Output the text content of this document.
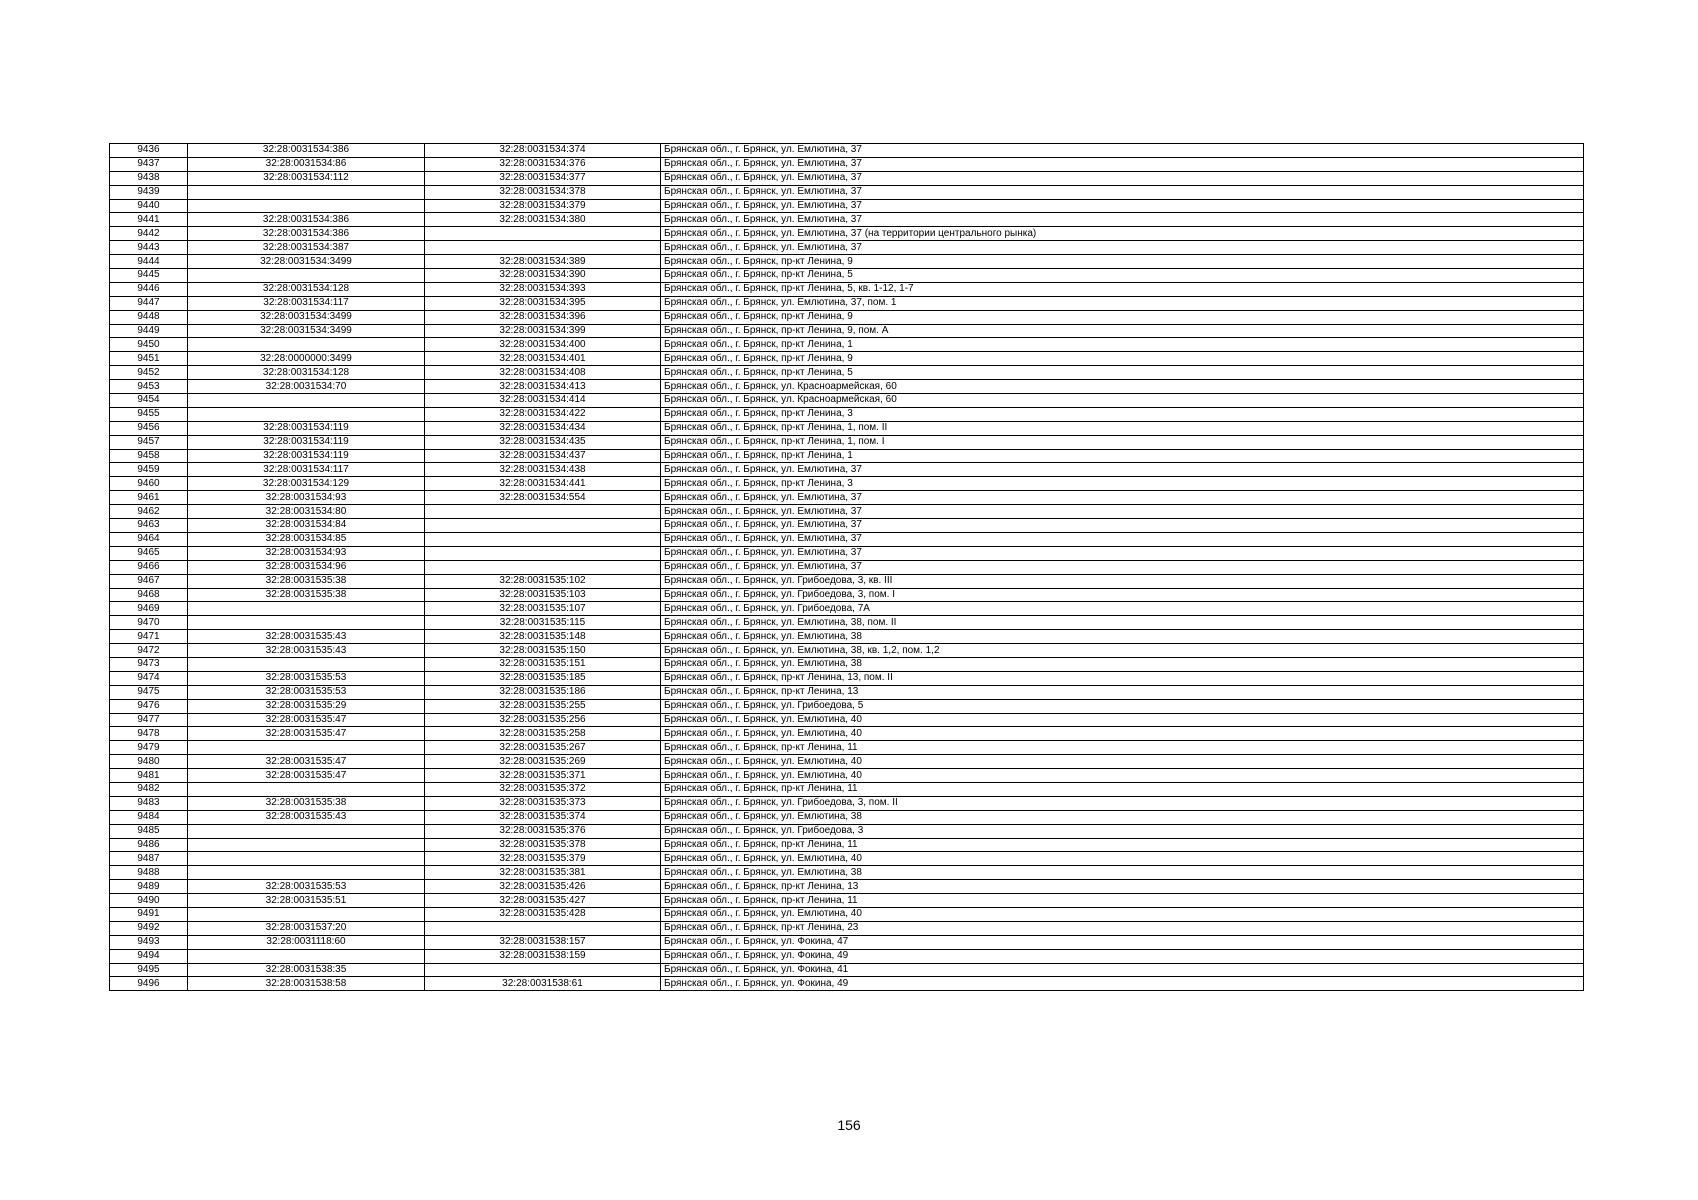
9436	32:28:0031534:386	32:28:0031534:374	Брянская обл., г. Брянск, ул. Емлютина, 37
9437	32:28:0031534:86	32:28:0031534:376	Брянская обл., г. Брянск, ул. Емлютина, 37
9438	32:28:0031534:112	32:28:0031534:377	Брянская обл., г. Брянск, ул. Емлютина, 37
9439		32:28:0031534:378	Брянская обл., г. Брянск, ул. Емлютина, 37
9440		32:28:0031534:379	Брянская обл., г. Брянск, ул. Емлютина, 37
9441	32:28:0031534:386	32:28:0031534:380	Брянская обл., г. Брянск, ул. Емлютина, 37
9442	32:28:0031534:386		Брянская обл., г. Брянск, ул. Емлютина, 37 (на территории центрального рынка)
9443	32:28:0031534:387		Брянская обл., г. Брянск, ул. Емлютина, 37
9444	32:28:0031534:3499	32:28:0031534:389	Брянская обл., г. Брянск, пр-кт Ленина, 9
9445		32:28:0031534:390	Брянская обл., г. Брянск, пр-кт Ленина, 5
9446	32:28:0031534:128	32:28:0031534:393	Брянская обл., г. Брянск, пр-кт Ленина, 5, кв. 1-12, 1-7
9447	32:28:0031534:117	32:28:0031534:395	Брянская обл., г. Брянск, ул. Емлютина, 37, пом. 1
9448	32:28:0031534:3499	32:28:0031534:396	Брянская обл., г. Брянск, пр-кт Ленина, 9
9449	32:28:0031534:3499	32:28:0031534:399	Брянская обл., г. Брянск, пр-кт Ленина, 9, пом. А
9450		32:28:0031534:400	Брянская обл., г. Брянск, пр-кт Ленина, 1
9451	32:28:0000000:3499	32:28:0031534:401	Брянская обл., г. Брянск, пр-кт Ленина, 9
9452	32:28:0031534:128	32:28:0031534:408	Брянская обл., г. Брянск, пр-кт Ленина, 5
9453	32:28:0031534:70	32:28:0031534:413	Брянская обл., г. Брянск, ул. Красноармейская, 60
9454		32:28:0031534:414	Брянская обл., г. Брянск, ул. Красноармейская, 60
9455		32:28:0031534:422	Брянская обл., г. Брянск, пр-кт Ленина, 3
9456	32:28:0031534:119	32:28:0031534:434	Брянская обл., г. Брянск, пр-кт Ленина, 1, пом. II
9457	32:28:0031534:119	32:28:0031534:435	Брянская обл., г. Брянск, пр-кт Ленина, 1, пом. I
9458	32:28:0031534:119	32:28:0031534:437	Брянская обл., г. Брянск, пр-кт Ленина, 1
9459	32:28:0031534:117	32:28:0031534:438	Брянская обл., г. Брянск, ул. Емлютина, 37
9460	32:28:0031534:129	32:28:0031534:441	Брянская обл., г. Брянск, пр-кт Ленина, 3
9461	32:28:0031534:93	32:28:0031534:554	Брянская обл., г. Брянск, ул. Емлютина, 37
9462	32:28:0031534:80		Брянская обл., г. Брянск, ул. Емлютина, 37
9463	32:28:0031534:84		Брянская обл., г. Брянск, ул. Емлютина, 37
9464	32:28:0031534:85		Брянская обл., г. Брянск, ул. Емлютина, 37
9465	32:28:0031534:93		Брянская обл., г. Брянск, ул. Емлютина, 37
9466	32:28:0031534:96		Брянская обл., г. Брянск, ул. Емлютина, 37
9467	32:28:0031535:38	32:28:0031535:102	Брянская обл., г. Брянск, ул. Грибоедова, 3, кв. III
9468	32:28:0031535:38	32:28:0031535:103	Брянская обл., г. Брянск, ул. Грибоедова, 3, пом. I
9469		32:28:0031535:107	Брянская обл., г. Брянск, ул. Грибоедова, 7А
9470		32:28:0031535:115	Брянская обл., г. Брянск, ул. Емлютина, 38, пом. II
9471	32:28:0031535:43	32:28:0031535:148	Брянская обл., г. Брянск, ул. Емлютина, 38
9472	32:28:0031535:43	32:28:0031535:150	Брянская обл., г. Брянск, ул. Емлютина, 38, кв. 1,2, пом. 1,2
9473		32:28:0031535:151	Брянская обл., г. Брянск, ул. Емлютина, 38
9474	32:28:0031535:53	32:28:0031535:185	Брянская обл., г. Брянск, пр-кт Ленина, 13, пом. II
9475	32:28:0031535:53	32:28:0031535:186	Брянская обл., г. Брянск, пр-кт Ленина, 13
9476	32:28:0031535:29	32:28:0031535:255	Брянская обл., г. Брянск, ул. Грибоедова, 5
9477	32:28:0031535:47	32:28:0031535:256	Брянская обл., г. Брянск, ул. Емлютина, 40
9478	32:28:0031535:47	32:28:0031535:258	Брянская обл., г. Брянск, ул. Емлютина, 40
9479		32:28:0031535:267	Брянская обл., г. Брянск, пр-кт Ленина, 11
9480	32:28:0031535:47	32:28:0031535:269	Брянская обл., г. Брянск, ул. Емлютина, 40
9481	32:28:0031535:47	32:28:0031535:371	Брянская обл., г. Брянск, ул. Емлютина, 40
9482		32:28:0031535:372	Брянская обл., г. Брянск, пр-кт Ленина, 11
9483	32:28:0031535:38	32:28:0031535:373	Брянская обл., г. Брянск, ул. Грибоедова, 3, пом. II
9484	32:28:0031535:43	32:28:0031535:374	Брянская обл., г. Брянск, ул. Емлютина, 38
9485		32:28:0031535:376	Брянская обл., г. Брянск, ул. Грибоедова, 3
9486		32:28:0031535:378	Брянская обл., г. Брянск, пр-кт Ленина, 11
9487		32:28:0031535:379	Брянская обл., г. Брянск, ул. Емлютина, 40
9488		32:28:0031535:381	Брянская обл., г. Брянск, ул. Емлютина, 38
9489	32:28:0031535:53	32:28:0031535:426	Брянская обл., г. Брянск, пр-кт Ленина, 13
9490	32:28:0031535:51	32:28:0031535:427	Брянская обл., г. Брянск, пр-кт Ленина, 11
9491		32:28:0031535:428	Брянская обл., г. Брянск, ул. Емлютина, 40
9492	32:28:0031537:20		Брянская обл., г. Брянск, пр-кт Ленина, 23
9493	32:28:0031118:60	32:28:0031538:157	Брянская обл., г. Брянск, ул. Фокина, 47
9494		32:28:0031538:159	Брянская обл., г. Брянск, ул. Фокина, 49
9495	32:28:0031538:35		Брянская обл., г. Брянск, ул. Фокина, 41
9496	32:28:0031538:58	32:28:0031538:61	Брянская обл., г. Брянск, ул. Фокина, 49
156
